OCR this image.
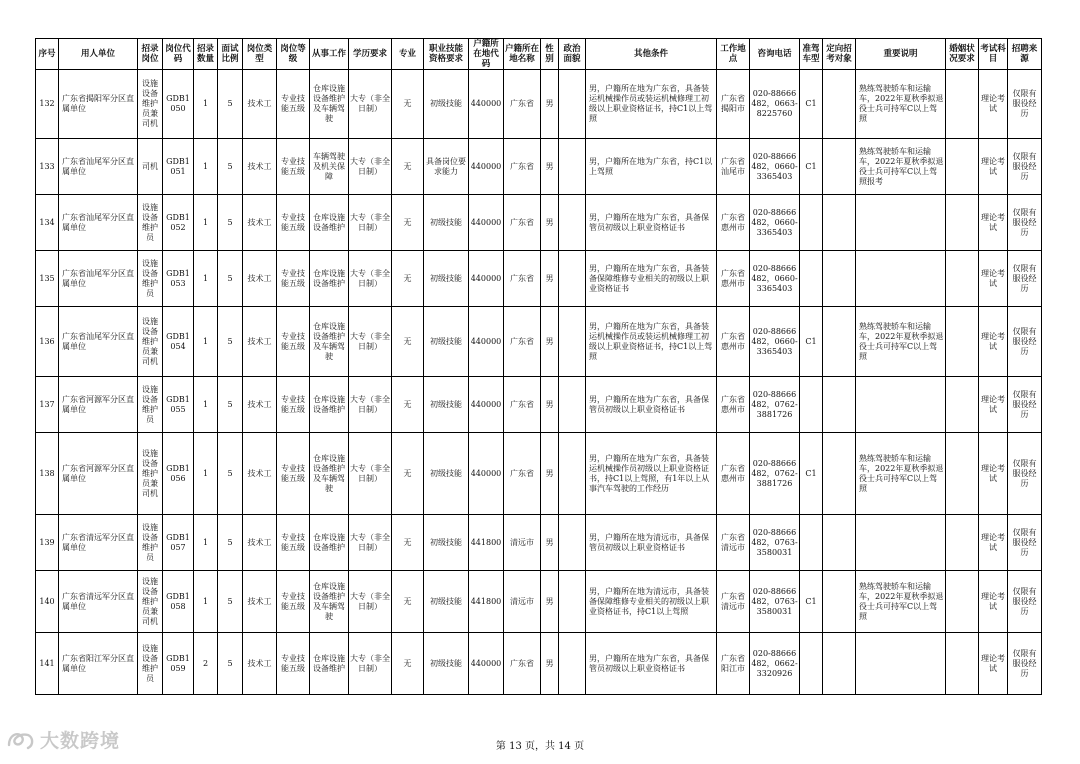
序号	用人单位	招录岗位	岗位代码	招录数量	面试比例	岗位类型	岗位等级	从事工作	学历要求	专业	职业技能资格要求	户籍所在地代码	户籍所在地名称	性别	政治面貌	其他条件	工作地点	咨询电话	准驾车型	定向招考对象	重要说明	婚姻状况要求	考试科目	招聘来源
132	广东省揭阳军分区直属单位	设施设备维护员兼司机	GDB1050	1	5	技术工	专业技能五级	仓库设施设备维护及车辆驾驶	大专（非全日制）	无	初级技能	440000	广东省	男		男，户籍所在地为广东省，具备装运机械操作员或装运机械修理工初级以上职业资格证书，持C1以上驾照	广东省揭阳市	020-88666482，0663-8225760	C1		熟练驾驶轿车和运输车，2022年夏秋季拟退役士兵可持军C以上驾照		理论考试	仅限有服役经历
133	广东省汕尾军分区直属单位	司机	GDB1051	1	5	技术工	专业技能五级	车辆驾驶及机关保障	大专（非全日制）	无	具备岗位要求能力	440000	广东省	男		男，户籍所在地为广东省，持C1以上驾照	广东省汕尾市	020-88666482，0660-3365403	C1		熟练驾驶轿车和运输车，2022年夏秋季拟退役士兵可持军C以上驾照报考		理论考试	仅限有服役经历
134	广东省汕尾军分区直属单位	设施设备维护员	GDB1052	1	5	技术工	专业技能五级	仓库设施设备维护	大专（非全日制）	无	初级技能	440000	广东省	男		男，户籍所在地为广东省，具备保管员初级以上职业资格证书	广东省惠州市	020-88666482，0660-3365403					理论考试	仅限有服役经历
135	广东省汕尾军分区直属单位	设施设备维护员	GDB1053	1	5	技术工	专业技能五级	仓库设施设备维护	大专（非全日制）	无	初级技能	440000	广东省	男		男，户籍所在地为广东省，具备装备保障维修专业相关的初级以上职业资格证书	广东省惠州市	020-88666482，0660-3365403					理论考试	仅限有服役经历
136	广东省汕尾军分区直属单位	设施设备维护员兼司机	GDB1054	1	5	技术工	专业技能五级	仓库设施设备维护及车辆驾驶	大专（非全日制）	无	初级技能	440000	广东省	男		男，户籍所在地为广东省，具备装运机械操作员或装运机械修理工初级以上职业资格证书，持C1以上驾照	广东省惠州市	020-88666482，0660-3365403	C1		熟练驾驶轿车和运输车，2022年夏秋季拟退役士兵可持军C以上驾照		理论考试	仅限有服役经历
137	广东省河源军分区直属单位	设施设备维护员	GDB1055	1	5	技术工	专业技能五级	仓库设施设备维护	大专（非全日制）	无	初级技能	440000	广东省	男		男，户籍所在地为广东省，具备保管员初级以上职业资格证书	广东省惠州市	020-88666482，0762-3881726					理论考试	仅限有服役经历
138	广东省河源军分区直属单位	设施设备维护员兼司机	GDB1056	1	5	技术工	专业技能五级	仓库设施设备维护及车辆驾驶	大专（非全日制）	无	初级技能	440000	广东省	男		男，户籍所在地为广东省，具备装运机械操作员初级以上职业资格证书，持C1以上驾照，有1年以上从事汽车驾驶的工作经历	广东省惠州市	020-88666482，0762-3881726	C1		熟练驾驶轿车和运输车，2022年夏秋季拟退役士兵可持军C以上驾照		理论考试	仅限有服役经历
139	广东省清远军分区直属单位	设施设备维护员	GDB1057	1	5	技术工	专业技能五级	仓库设施设备维护	大专（非全日制）	无	初级技能	441800	清远市	男		男，户籍所在地为清远市，具备保管员初级以上职业资格证书	广东省清远市	020-88666482，0763-3580031					理论考试	仅限有服役经历
140	广东省清远军分区直属单位	设施设备维护员兼司机	GDB1058	1	5	技术工	专业技能五级	仓库设施设备维护及车辆驾驶	大专（非全日制）	无	初级技能	441800	清远市	男		男，户籍所在地为清远市，具备装备保障维修专业相关的初级以上职业资格证书，持C1以上驾照	广东省清远市	020-88666482，0763-3580031	C1		熟练驾驶轿车和运输车，2022年夏秋季拟退役士兵可持军C以上驾照		理论考试	仅限有服役经历
141	广东省阳江军分区直属单位	设施设备维护员	GDB1059	2	5	技术工	专业技能五级	仓库设施设备维护	大专（非全日制）	无	初级技能	440000	广东省	男		男，户籍所在地为广东省，具备保管员初级以上职业资格证书	广东省阳江市	020-88666482，0662-3320926					理论考试	仅限有服役经历
大数跨境	第 13 页，共 14 页
